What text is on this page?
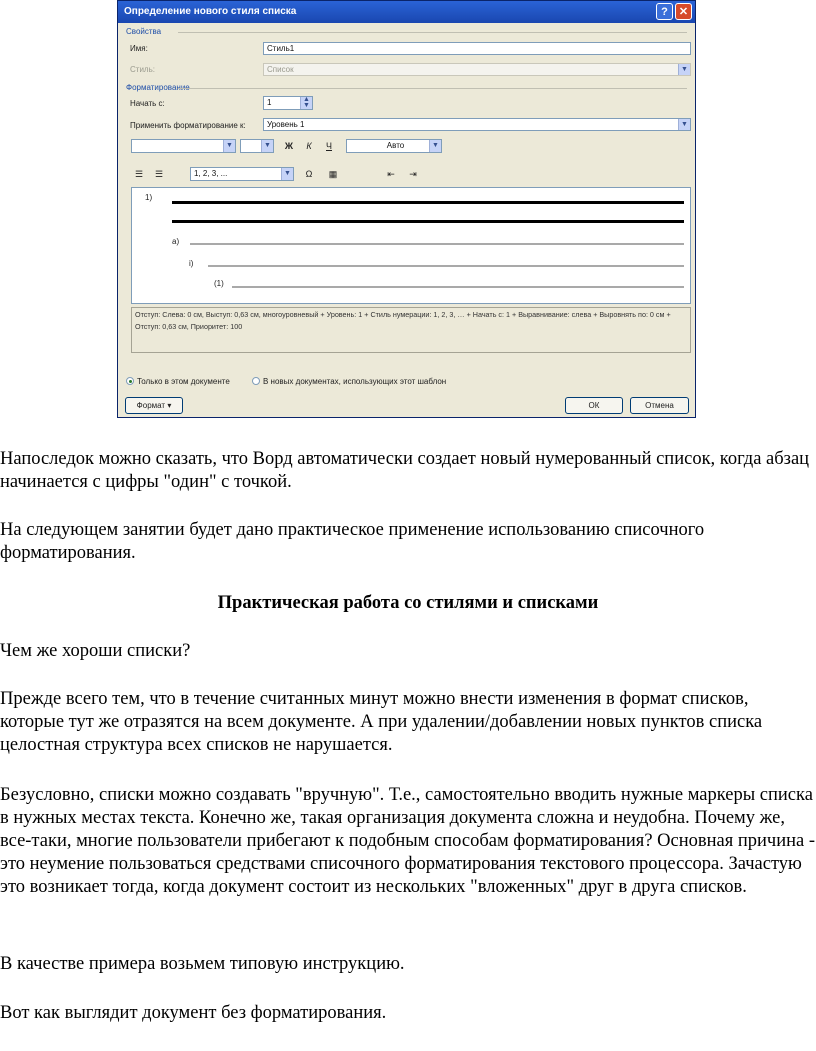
Определение нового стиля списка	?	✕
Свойства
Имя:	Стиль1
Стиль:	Список	▼
Форматирование
Начать с:	1	▲
▼
Применить форматирование к:	Уровень 1	▼
▼	▼	Ж	К	Ч	Авто	▼
☰	☰	1, 2, 3, ...	▼	Ω	▦	⇤	⇥
1)
a)
i)
(1)
Отступ: Слева: 0 см, Выступ: 0,63 см, многоуровневый + Уровень: 1 + Стиль нумерации: 1, 2, 3, … + Начать с: 1 + Выравнивание: слева + Выровнять по: 0 см + Отступ: 0,63 см, Приоритет: 100
Только в этом документе	В новых документах, использующих этот шаблон
Формат ▾	ОК	Отмена

Напоследок можно сказать, что Ворд автоматически создает новый нумерованный список, когда абзац начинается с цифры "один" с точкой.

На следующем занятии будет дано практическое применение использованию списочного форматирования.

Практическая работа со стилями и списками

Чем же хороши списки?

Прежде всего тем, что в течение считанных минут можно внести изменения в формат списков, которые тут же отразятся на всем документе. А при удалении/добавлении новых пунктов списка целостная структура всех списков не нарушается.

Безусловно, списки можно создавать "вручную". Т.е., самостоятельно вводить нужные маркеры списка в нужных местах текста. Конечно же, такая организация документа сложна и неудобна. Почему же, все-таки, многие пользователи прибегают к подобным способам форматирования? Основная причина - это неумение пользоваться средствами списочного форматирования текстового процессора. Зачастую это возникает тогда, когда документ состоит из нескольких "вложенных" друг в друга списков.

В качестве примера возьмем типовую инструкцию.

Вот как выглядит документ без форматирования.
